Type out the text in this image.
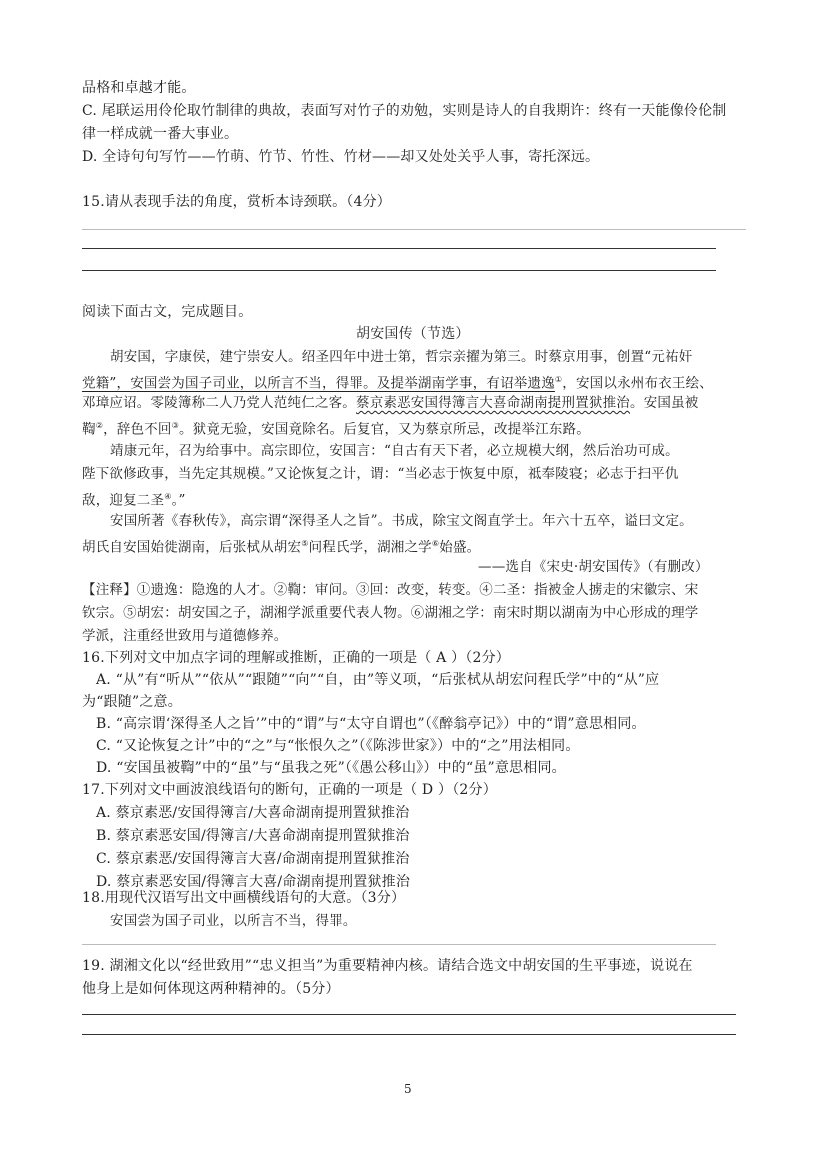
品格和卓越才能。
C. 尾联运用伶伦取竹制律的典故，表面写对竹子的劝勉，实则是诗人的自我期许：终有一天能像伶伦制
律一样成就一番大事业。
D. 全诗句句写竹——竹萌、竹节、竹性、竹材——却又处处关乎人事，寄托深远。
15.请从表现手法的角度，赏析本诗颈联。（4分）
阅读下面古文，完成题目。
胡安国传（节选）
胡安国，字康侯，建宁崇安人。绍圣四年中进士第，哲宗亲擢为第三。时蔡京用事，创置“元祐奸
党籍”，安国尝为国子司业，以所言不当，得罪。及提举湖南学事，有诏举遗逸①，安国以永州布衣王绘、
邓璋应诏。零陵簿称二人乃党人范纯仁之客。蔡京素恶安国得簿言大喜命湖南提刑置狱推治。安国虽被
鞫②，辞色不回③。狱竟无验，安国竟除名。后复官，又为蔡京所忌，改提举江东路。
靖康元年，召为给事中。高宗即位，安国言：“自古有天下者，必立规模大纲，然后治功可成。
陛下欲修政事，当先定其规模。”又论恢复之计，谓：“当必志于恢复中原，祗奉陵寝；必志于扫平仇
敌，迎复二圣④。”
安国所著《春秋传》，高宗谓“深得圣人之旨”。书成，除宝文阁直学士。年六十五卒，谥曰文定。
胡氏自安国始徙湖南，后张栻从胡宏⑤问程氏学，湖湘之学⑥始盛。
——选自《宋史·胡安国传》（有删改）
【注释】①遗逸：隐逸的人才。②鞫：审问。③回：改变，转变。④二圣：指被金人掳走的宋徽宗、宋
钦宗。⑤胡宏：胡安国之子，湖湘学派重要代表人物。⑥湖湘之学：南宋时期以湖南为中心形成的理学
学派，注重经世致用与道德修养。
16.下列对文中加点字词的理解或推断，正确的一项是（ A ）（2分）
A. “从”有“听从”“依从”“跟随”“向”“自，由”等义项，“后张栻从胡宏问程氏学”中的“从”应
为“跟随”之意。
B. “高宗谓‘深得圣人之旨’”中的“谓”与“太守自谓也”（《醉翁亭记》）中的“谓”意思相同。
C. “又论恢复之计”中的“之”与“怅恨久之”（《陈涉世家》）中的“之”用法相同。
D. “安国虽被鞫”中的“虽”与“虽我之死”（《愚公移山》）中的“虽”意思相同。
17.下列对文中画波浪线语句的断句，正确的一项是（ D ）（2分）
A. 蔡京素恶/安国得簿言/大喜命湖南提刑置狱推治
B. 蔡京素恶安国/得簿言/大喜命湖南提刑置狱推治
C. 蔡京素恶/安国得簿言大喜/命湖南提刑置狱推治
D. 蔡京素恶安国/得簿言大喜/命湖南提刑置狱推治
18.用现代汉语写出文中画横线语句的大意。（3分）
安国尝为国子司业，以所言不当，得罪。
19. 湖湘文化以“经世致用”“忠义担当”为重要精神内核。请结合选文中胡安国的生平事迹，说说在
他身上是如何体现这两种精神的。（5分）
5
